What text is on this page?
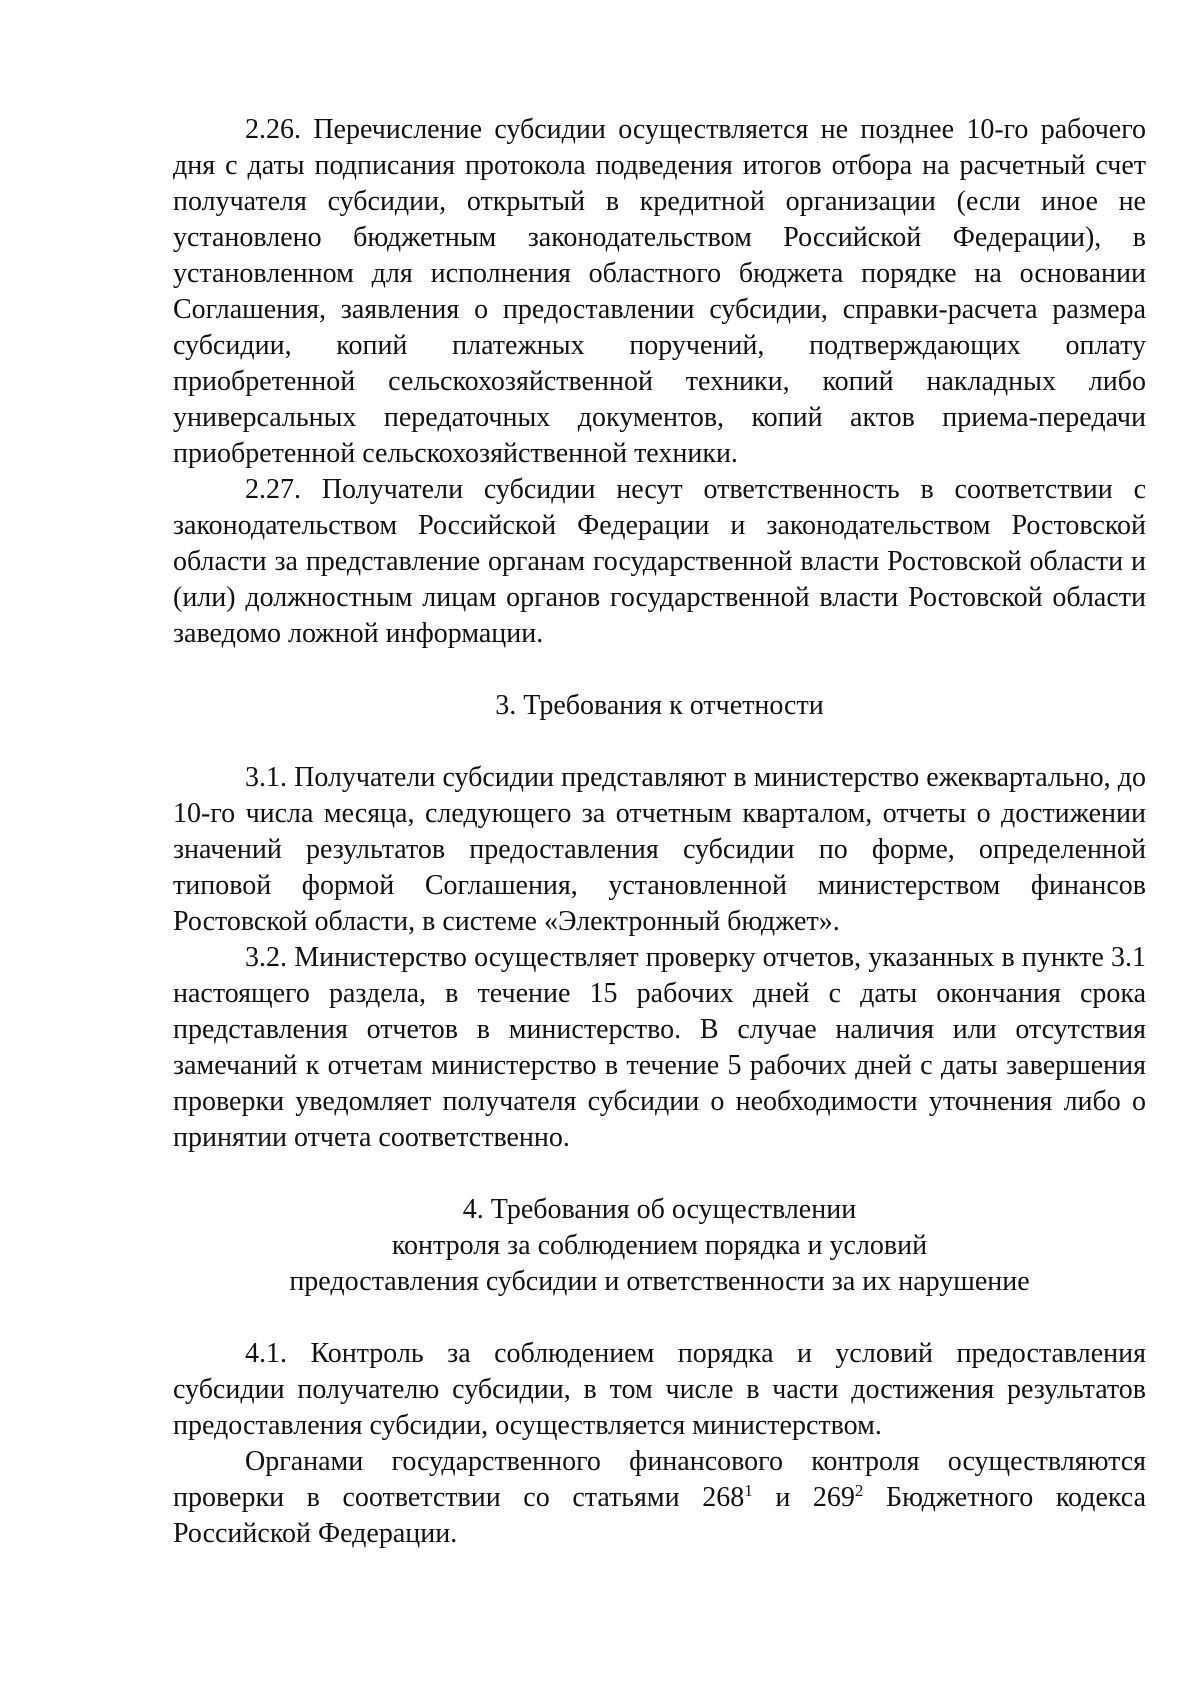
2.26. Перечисление субсидии осуществляется не позднее 10-го рабочего дня с даты подписания протокола подведения итогов отбора на расчетный счет получателя субсидии, открытый в кредитной организации (если иное не установлено бюджетным законодательством Российской Федерации), в установленном для исполнения областного бюджета порядке на основании Соглашения, заявления о предоставлении субсидии, справки-расчета размера субсидии, копий платежных поручений, подтверждающих оплату приобретенной сельскохозяйственной техники, копий накладных либо универсальных передаточных документов, копий актов приема-передачи приобретенной сельскохозяйственной техники.

2.27. Получатели субсидии несут ответственность в соответствии с законодательством Российской Федерации и законодательством Ростовской области за представление органам государственной власти Ростовской области и (или) должностным лицам органов государственной власти Ростовской области заведомо ложной информации.

3. Требования к отчетности

3.1. Получатели субсидии представляют в министерство ежеквартально, до 10-го числа месяца, следующего за отчетным кварталом, отчеты о достижении значений результатов предоставления субсидии по форме, определенной типовой формой Соглашения, установленной министерством финансов Ростовской области, в системе «Электронный бюджет».

3.2. Министерство осуществляет проверку отчетов, указанных в пункте 3.1 настоящего раздела, в течение 15 рабочих дней с даты окончания срока представления отчетов в министерство. В случае наличия или отсутствия замечаний к отчетам министерство в течение 5 рабочих дней с даты завершения проверки уведомляет получателя субсидии о необходимости уточнения либо о принятии отчета соответственно.

4. Требования об осуществлении

контроля за соблюдением порядка и условий

предоставления субсидии и ответственности за их нарушение

4.1. Контроль за соблюдением порядка и условий предоставления субсидии получателю субсидии, в том числе в части достижения результатов предоставления субсидии, осуществляется министерством.

Органами государственного финансового контроля осуществляются проверки в соответствии со статьями $268^1$ и $269^2$ Бюджетного кодекса Российской Федерации.
